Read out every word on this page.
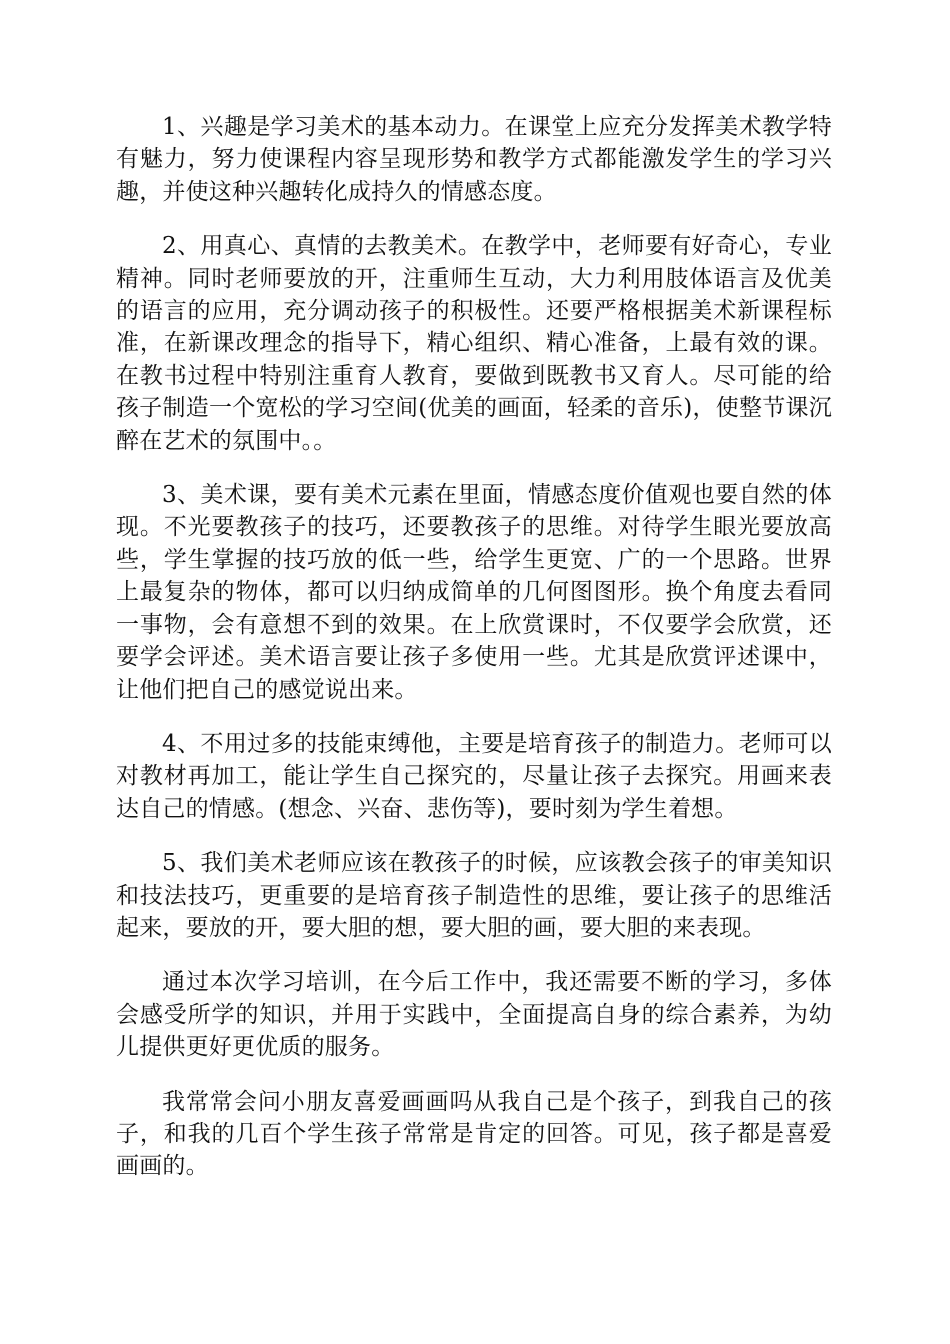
1、兴趣是学习美术的基本动力。在课堂上应充分发挥美术教学特有魅力，努力使课程内容呈现形势和教学方式都能激发学生的学习兴趣，并使这种兴趣转化成持久的情感态度。

2、用真心、真情的去教美术。在教学中，老师要有好奇心，专业精神。同时老师要放的开，注重师生互动，大力利用肢体语言及优美的语言的应用，充分调动孩子的积极性。还要严格根据美术新课程标准，在新课改理念的指导下，精心组织、精心准备，上最有效的课。在教书过程中特别注重育人教育，要做到既教书又育人。尽可能的给孩子制造一个宽松的学习空间(优美的画面，轻柔的音乐)，使整节课沉醉在艺术的氛围中。。

3、美术课，要有美术元素在里面，情感态度价值观也要自然的体现。不光要教孩子的技巧，还要教孩子的思维。对待学生眼光要放高些，学生掌握的技巧放的低一些，给学生更宽、广的一个思路。世界上最复杂的物体，都可以归纳成简单的几何图图形。换个角度去看同一事物，会有意想不到的效果。在上欣赏课时，不仅要学会欣赏，还要学会评述。美术语言要让孩子多使用一些。尤其是欣赏评述课中，让他们把自己的感觉说出来。

4、不用过多的技能束缚他，主要是培育孩子的制造力。老师可以对教材再加工，能让学生自己探究的，尽量让孩子去探究。用画来表达自己的情感。(想念、兴奋、悲伤等)，要时刻为学生着想。

5、我们美术老师应该在教孩子的时候，应该教会孩子的审美知识和技法技巧，更重要的是培育孩子制造性的思维，要让孩子的思维活起来，要放的开，要大胆的想，要大胆的画，要大胆的来表现。

通过本次学习培训，在今后工作中，我还需要不断的学习，多体会感受所学的知识，并用于实践中，全面提高自身的综合素养，为幼儿提供更好更优质的服务。

我常常会问小朋友喜爱画画吗从我自己是个孩子，到我自己的孩子，和我的几百个学生孩子常常是肯定的回答。可见，孩子都是喜爱画画的。
